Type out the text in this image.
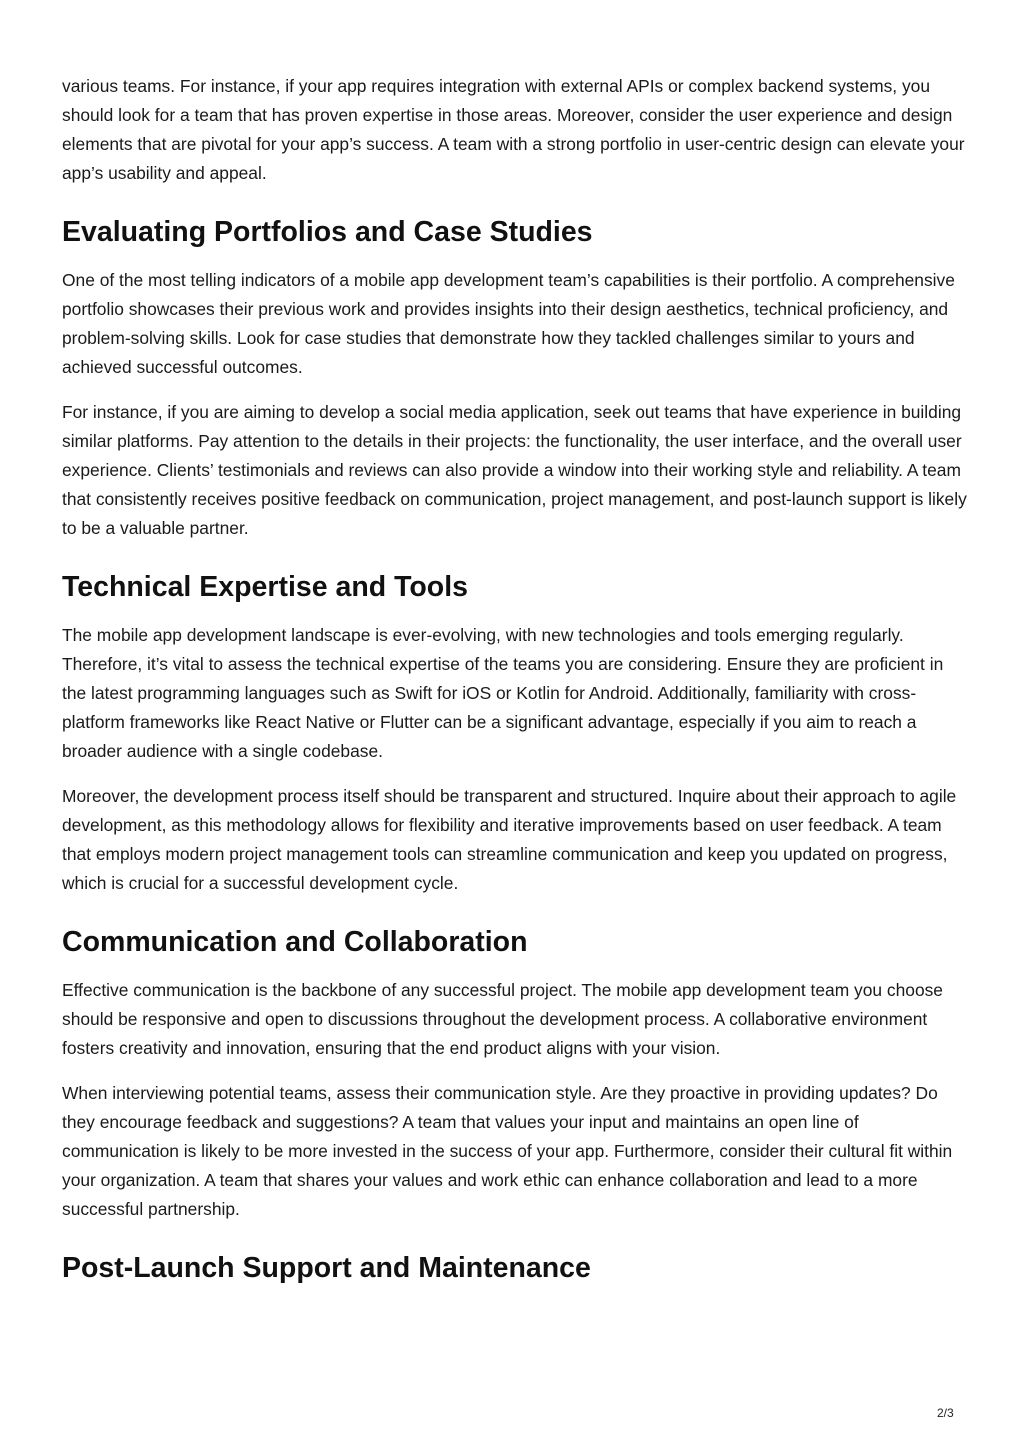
various teams. For instance, if your app requires integration with external APIs or complex backend systems, you should look for a team that has proven expertise in those areas. Moreover, consider the user experience and design elements that are pivotal for your app’s success. A team with a strong portfolio in user-centric design can elevate your app’s usability and appeal.

Evaluating Portfolios and Case Studies

One of the most telling indicators of a mobile app development team’s capabilities is their portfolio. A comprehensive portfolio showcases their previous work and provides insights into their design aesthetics, technical proficiency, and problem-solving skills. Look for case studies that demonstrate how they tackled challenges similar to yours and achieved successful outcomes.

For instance, if you are aiming to develop a social media application, seek out teams that have experience in building similar platforms. Pay attention to the details in their projects: the functionality, the user interface, and the overall user experience. Clients’ testimonials and reviews can also provide a window into their working style and reliability. A team that consistently receives positive feedback on communication, project management, and post-launch support is likely to be a valuable partner.

Technical Expertise and Tools

The mobile app development landscape is ever-evolving, with new technologies and tools emerging regularly. Therefore, it’s vital to assess the technical expertise of the teams you are considering. Ensure they are proficient in the latest programming languages such as Swift for iOS or Kotlin for Android. Additionally, familiarity with cross-platform frameworks like React Native or Flutter can be a significant advantage, especially if you aim to reach a broader audience with a single codebase.

Moreover, the development process itself should be transparent and structured. Inquire about their approach to agile development, as this methodology allows for flexibility and iterative improvements based on user feedback. A team that employs modern project management tools can streamline communication and keep you updated on progress, which is crucial for a successful development cycle.

Communication and Collaboration

Effective communication is the backbone of any successful project. The mobile app development team you choose should be responsive and open to discussions throughout the development process. A collaborative environment fosters creativity and innovation, ensuring that the end product aligns with your vision.

When interviewing potential teams, assess their communication style. Are they proactive in providing updates? Do they encourage feedback and suggestions? A team that values your input and maintains an open line of communication is likely to be more invested in the success of your app. Furthermore, consider their cultural fit within your organization. A team that shares your values and work ethic can enhance collaboration and lead to a more successful partnership.

Post-Launch Support and Maintenance
2/3
